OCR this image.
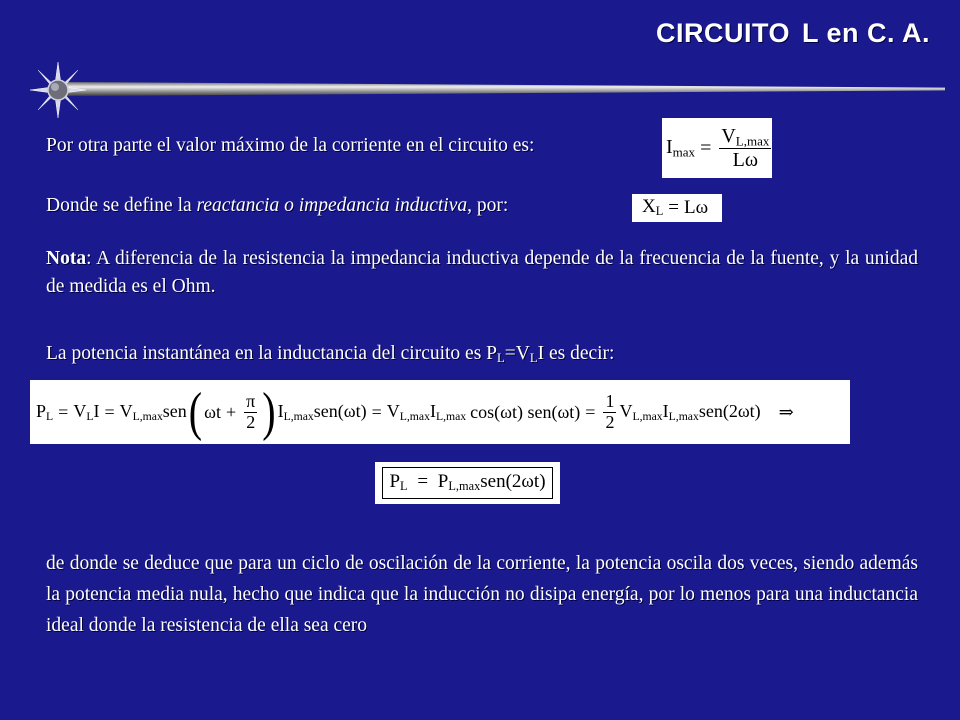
CIRCUITO L en C. A.
Por otra parte el valor máximo de la corriente en el circuito es:	$I_{max} = \frac{V_{L,max}}{L\omega}$
Donde se define la reactancia o impedancia inductiva, por:	$X_L = L\omega$
Nota: A diferencia de la resistencia la impedancia inductiva depende de la frecuencia de la fuente, y la unidad de medida es el Ohm.
La potencia instantánea en la inductancia del circuito es $P_L=V_LI$ es decir:
$P_L = V_LI = V_{L,max}sen$ ( $\omega t + \frac{\pi}{2}$ ) $I_{L,max}sen(\omega t) = V_{L,max}I_{L,max}$ cos(ωt) $sen(\omega t) = \frac{1}{2} V_{L,max}I_{L,max}sen(2\omega t)$ ⇒
$P_L = P_{L,max}sen(2\omega t)$
de donde se deduce que para un ciclo de oscilación de la corriente, la potencia oscila dos veces, siendo además la potencia media nula, hecho que indica que la inducción no disipa energía, por lo menos para una inductancia ideal donde la resistencia de ella sea cero
